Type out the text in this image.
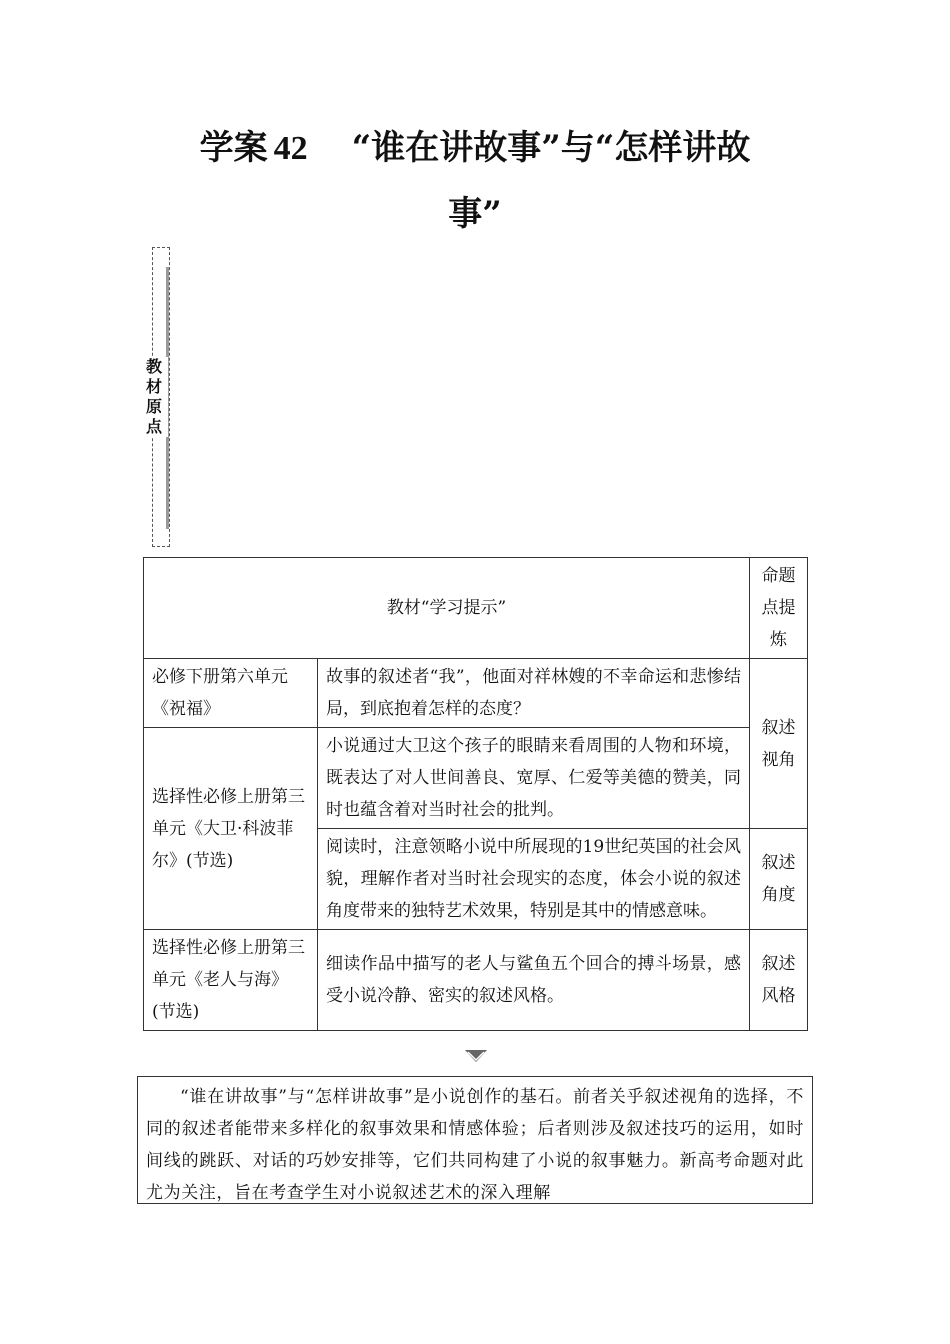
学案 42 “谁在讲故事”与“怎样讲故
事”
教
材
原
点
教材“学习提示”		命题
点提
炼

必修下册第六单元《祝福》	故事的叙述者“我”，他面对祥林嫂的不幸命运和悲惨结局，到底抱着怎样的态度？	叙述
视角

选择性必修上册第三单元《大卫·科波菲尔》(节选)	小说通过大卫这个孩子的眼睛来看周围的人物和环境，既表达了对人世间善良、宽厚、仁爱等美德的赞美，同时也蕴含着对当时社会的批判。	
	阅读时，注意领略小说中所展现的19世纪英国的社会风貌，理解作者对当时社会现实的态度，体会小说的叙述角度带来的独特艺术效果，特别是其中的情感意味。	叙述
角度

选择性必修上册第三单元《老人与海》(节选)	细读作品中描写的老人与鲨鱼五个回合的搏斗场景，感受小说冷静、密实的叙述风格。	叙述
风格
“谁在讲故事”与“怎样讲故事”是小说创作的基石。前者关乎叙述视角的选择，不同的叙述者能带来多样化的叙事效果和情感体验；后者则涉及叙述技巧的运用，如时间线的跳跃、对话的巧妙安排等，它们共同构建了小说的叙事魅力。新高考命题对此尤为关注，旨在考查学生对小说叙述艺术的深入理解
